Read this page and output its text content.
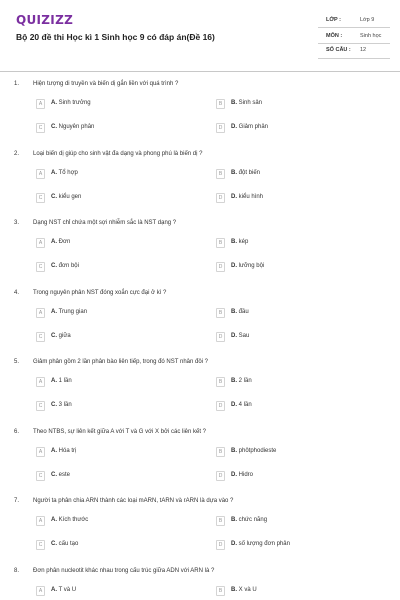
QUIZIZZ
Bộ 20 đề thi Học kì 1 Sinh học 9 có đáp án(Đề 16)
LỚP :	Lớp 9
MÔN :	Sinh học
SỐ CÂU : 12
1. Hiện tượng di truyền và biến dị gắn liền với quá trình ?
A	A. Sinh trưởng	B	B. Sinh sản
C	C. Nguyên phân	D	D. Giảm phân
2. Loại biến dị giúp cho sinh vật đa dạng và phong phú là biến dị ?
A	A. Tổ hợp	B	B. đột biến
C	C. kiểu gen	D	D. kiểu hình
3. Dạng NST chỉ chứa một sợi nhiễm sắc là NST dạng ?
A	A. Đơn	B	B. kép
C	C. đơn bội	D	D. lưỡng bội
4. Trong nguyên phân NST đóng xoắn cực đại ở kì ?
A	A. Trung gian	B	B. đầu
C	C. giữa	D	D. Sau
5. Giảm phân gồm 2 lần phân bào liên tiếp, trong đó NST nhân đôi ?
A	A. 1 lần	B	B. 2 lần
C	C. 3 lần	D	D. 4 lần
6. Theo NTBS, sự liên kết giữa A với T và G với X bởi các liên kết ?
A	A. Hóa trị	B	B. phôtphodieste
C	C. este	D	D. Hidro
7. Người ta phân chia ARN thành các loại mARN, tARN và rARN là dựa vào ?
A	A. Kích thước	B	B. chức năng
C	C. cấu tạo	D	D. số lượng đơn phân
8. Đơn phân nucleotit khác nhau trong cấu trúc giữa ADN với ARN là ?
A	A. T và U	B	B. X và U
